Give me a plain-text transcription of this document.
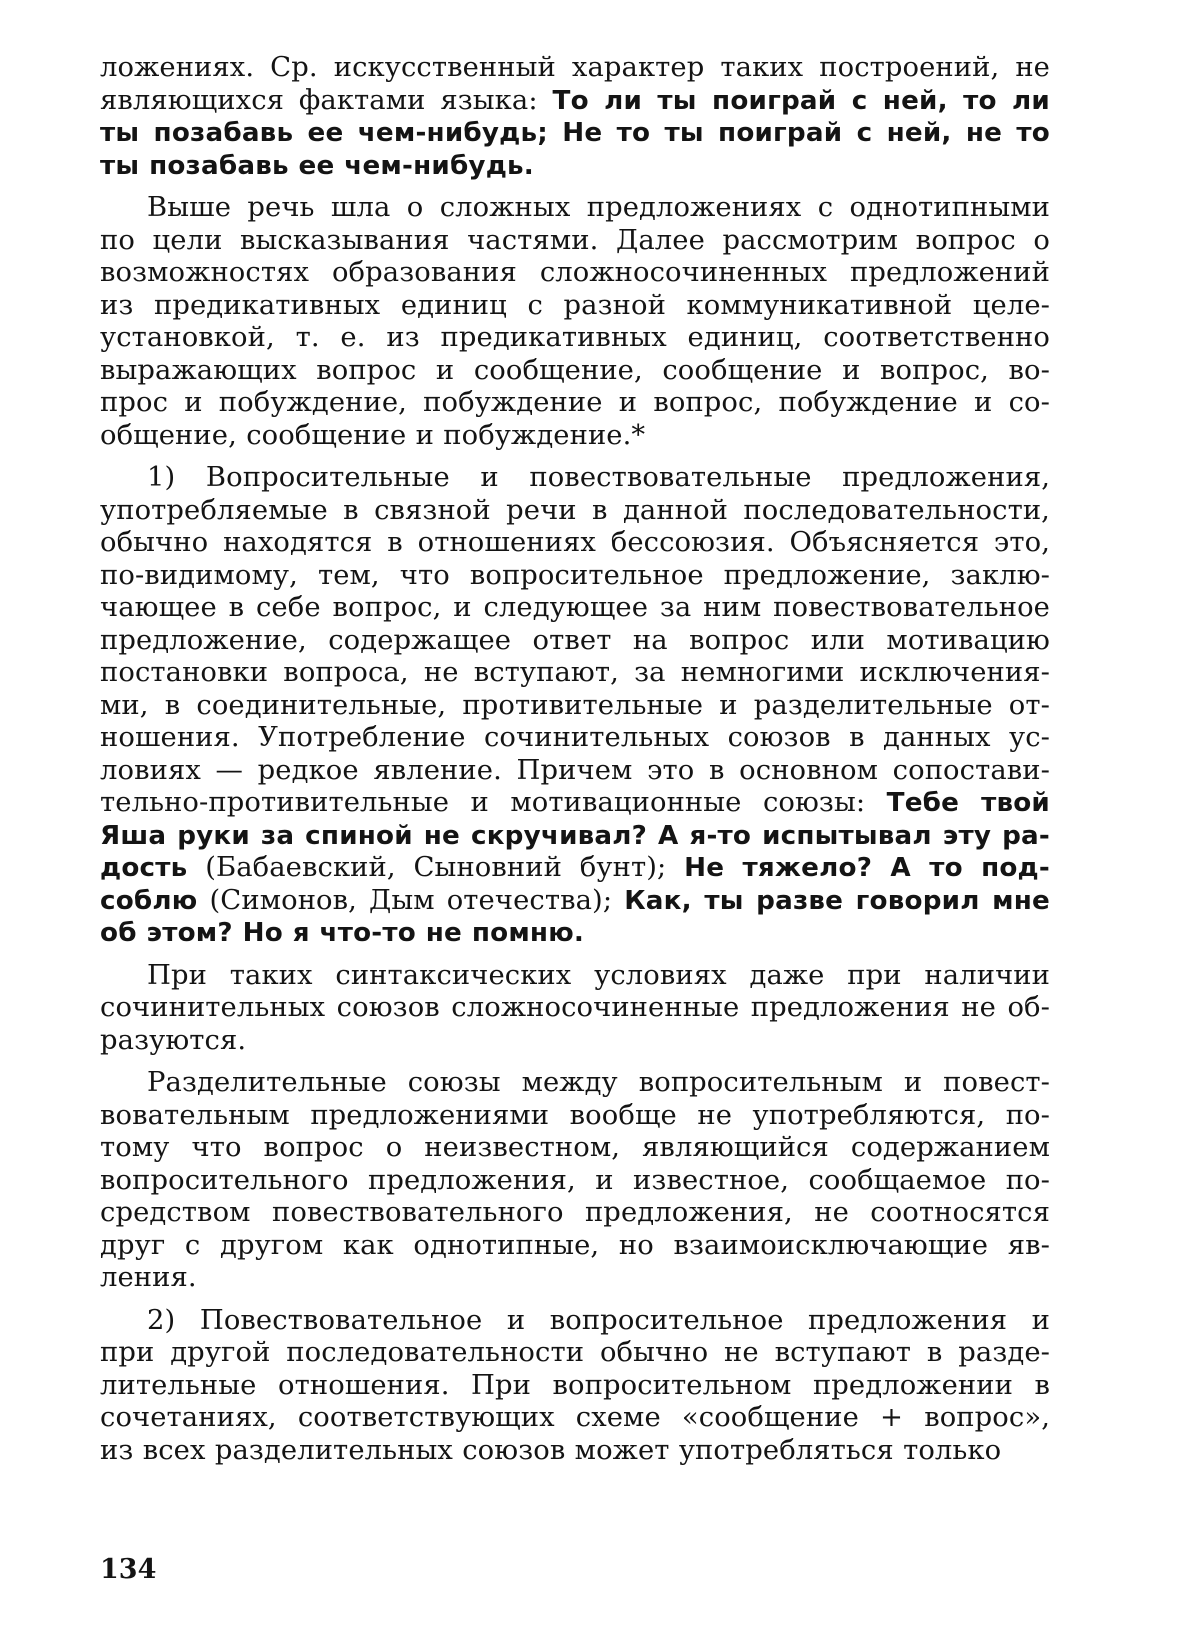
ложениях. Ср. искусственный характер таких построений, не
являющихся фактами языка: То ли ты поиграй с ней, то ли
ты позабавь ее чем-нибудь; Не то ты поиграй с ней, не то
ты позабавь ее чем-нибудь.

Выше речь шла о сложных предложениях с однотипными
по цели высказывания частями. Далее рассмотрим вопрос о
возможностях образования сложносочиненных предложений
из предикативных единиц с разной коммуникативной целе-
установкой, т. е. из предикативных единиц, соответственно
выражающих вопрос и сообщение, сообщение и вопрос, во-
прос и побуждение, побуждение и вопрос, побуждение и со-
общение, сообщение и побуждение.*

1) Вопросительные и повествовательные предложения,
употребляемые в связной речи в данной последовательности,
обычно находятся в отношениях бессоюзия. Объясняется это,
по-видимому, тем, что вопросительное предложение, заклю-
чающее в себе вопрос, и следующее за ним повествовательное
предложение, содержащее ответ на вопрос или мотивацию
постановки вопроса, не вступают, за немногими исключения-
ми, в соединительные, противительные и разделительные от-
ношения. Употребление сочинительных союзов в данных ус-
ловиях — редкое явление. Причем это в основном сопостави-
тельно-противительные и мотивационные союзы: Тебе твой
Яша руки за спиной не скручивал? А я-то испытывал эту ра-
дость (Бабаевский, Сыновний бунт); Не тяжело? А то под-
соблю (Симонов, Дым отечества); Как, ты разве говорил мне
об этом? Но я что-то не помню.

При таких синтаксических условиях даже при наличии
сочинительных союзов сложносочиненные предложения не об-
разуются.

Разделительные союзы между вопросительным и повест-
вовательным предложениями вообще не употребляются, по-
тому что вопрос о неизвестном, являющийся содержанием
вопросительного предложения, и известное, сообщаемое по-
средством повествовательного предложения, не соотносятся
друг с другом как однотипные, но взаимоисключающие яв-
ления.

2) Повествовательное и вопросительное предложения и
при другой последовательности обычно не вступают в разде-
лительные отношения. При вопросительном предложении в
сочетаниях, соответствующих схеме «сообщение + вопрос»,
из всех разделительных союзов может употребляться только

134
